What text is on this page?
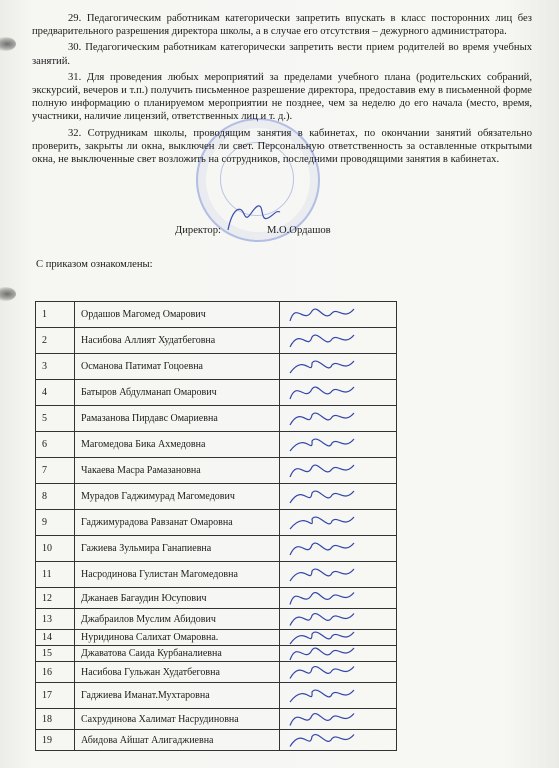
29. Педагогическим работникам категорически запретить впускать в класс посторонних лиц без предварительного разрешения директора школы, а в случае его отсутствия – дежурного администратора.

30. Педагогическим работникам категорически запретить вести прием родителей во время учебных занятий.

31. Для проведения любых мероприятий за пределами учебного плана (родительских собраний, экскурсий, вечеров и т.п.) получить письменное разрешение директора, предоставив ему в письменной форме полную информацию о планируемом мероприятии не позднее, чем за неделю до его начала (место, время, участники, наличие лицензий, ответственных лиц и т. д.).

32. Сотрудникам школы, проводящим занятия в кабинетах, по окончании занятий обязательно проверить, закрыты ли окна, выключен ли свет. Персональную ответственность за оставленные открытыми окна, не выключенные свет возложить на сотрудников, последними проводящими занятия в кабинетах.

Директор:	М.О.Ордашов
С приказом ознакомлены:
1	Ордашов Магомед Омарович	

2	Насибова Аллият Худатбеговна	

3	Османова Патимат Гоцоевна	

4	Батыров Абдулманап Омарович	

5	Рамазанова Пирдавс Омариевна	

6	Магомедова Бика Ахмедовна	

7	Чакаева Масра Рамазановна	

8	Мурадов Гаджимурад Магомедович	

9	Гаджимурадова Равзанат Омаровна	

10	Гажиева Зульмира Ганапиевна	

11	Насродинова Гулистан Магомедовна	

12	Джанаев Багаудин Юсупович	

13	Джабраилов Муслим Абидович	

14	Нуридинова Салихат Омаровна.	

15	Джаватова Саида Курбаналиевна	

16	Насибова Гульжан Худатбеговна	

17	Гаджиева Иманат.Мухтаровна	

18	Сахрудинова Халимат Насрудиновна	

19	Абидова Айшат Алигаджиевна	
